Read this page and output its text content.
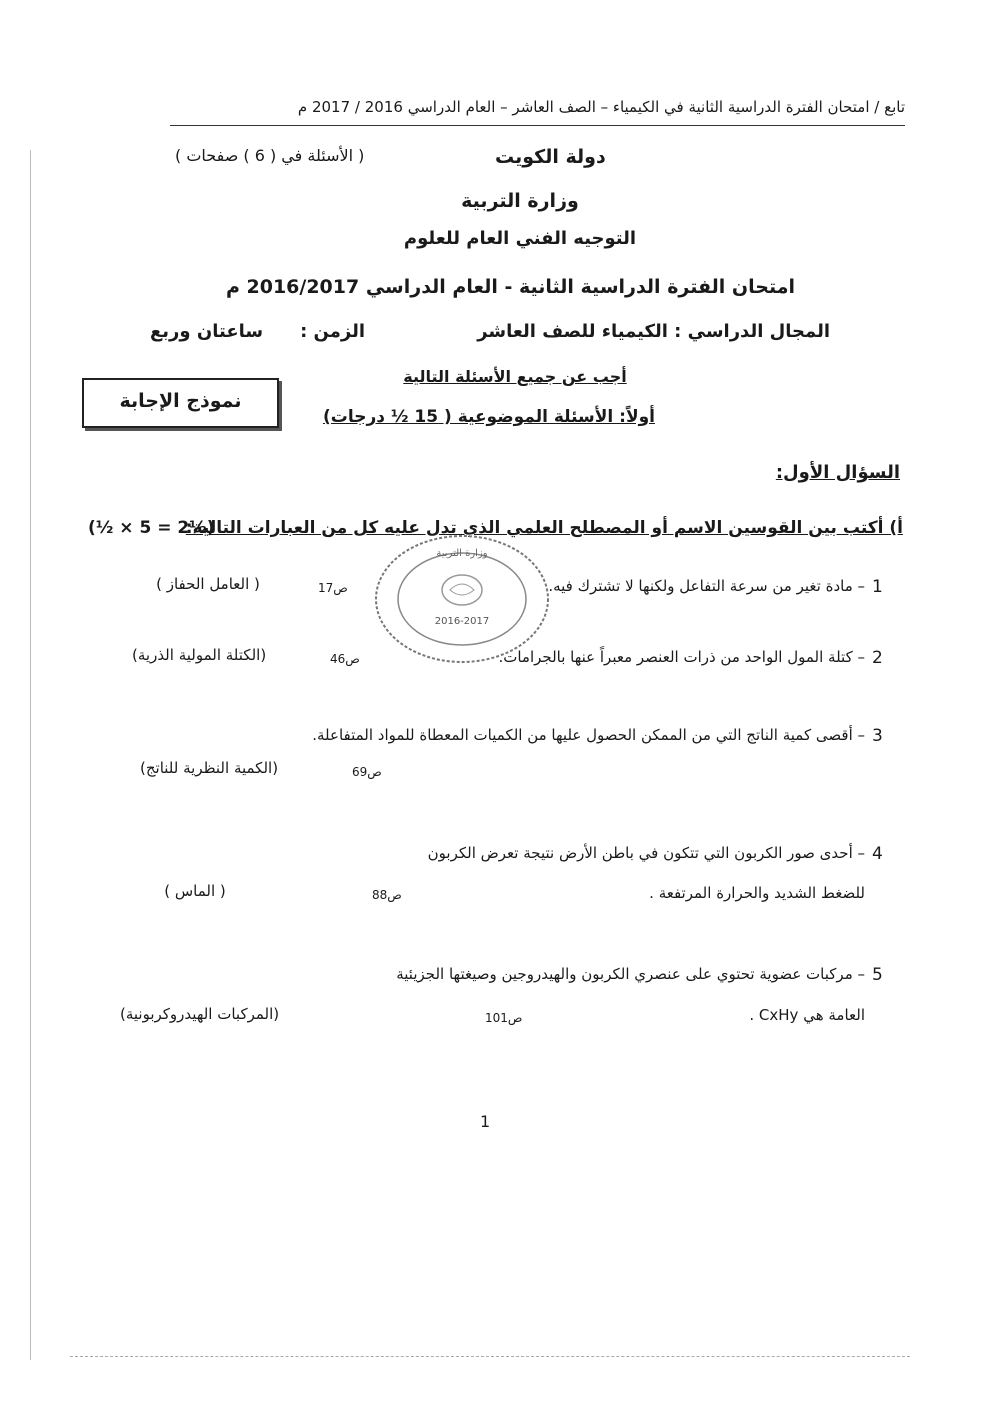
تابع / امتحان الفترة الدراسية الثانية في الكيمياء – الصف العاشر – العام الدراسي 2016 / 2017 م
دولة الكويت
( الأسئلة في ( 6 ) صفحات )
وزارة التربية
التوجيه الفني العام للعلوم
امتحان الفترة الدراسية الثانية - العام الدراسي 2016/2017 م
المجال الدراسي : الكيمياء للصف العاشر
الزمن :
ساعتان وربع
أجب عن جميع الأسئلة التالية
نموذج الإجابة
أولاً: الأسئلة الموضوعية ( 15 ½ درجات)
السؤال الأول:
أ) أكتب بين القوسين الاسم أو المصطلح العلمي الذي تدل عليه كل من العبارات التالية:
(½ × 5 = 2½)
1
– مادة تغير من سرعة التفاعل ولكنها لا تشترك فيه.
ص17
( العامل الحفاز )
2
– كتلة المول الواحد من ذرات العنصر معبراً عنها بالجرامات.
ص46
(الكتلة المولية الذرية)
3
– أقصى كمية الناتج التي من الممكن الحصول عليها من الكميات المعطاة للمواد المتفاعلة.
ص69
(الكمية النظرية للناتج)
4
– أحدى صور الكربون التي تتكون في باطن الأرض نتيجة تعرض الكربون
للضغط الشديد والحرارة المرتفعة .
ص88
( الماس )
5
– مركبات عضوية تحتوي على عنصري الكربون والهيدروجين وصيغتها الجزيئية
العامة هي CxHy .
ص101
(المركبات الهيدروكربونية)
وزارة التربية
2016-2017
1
